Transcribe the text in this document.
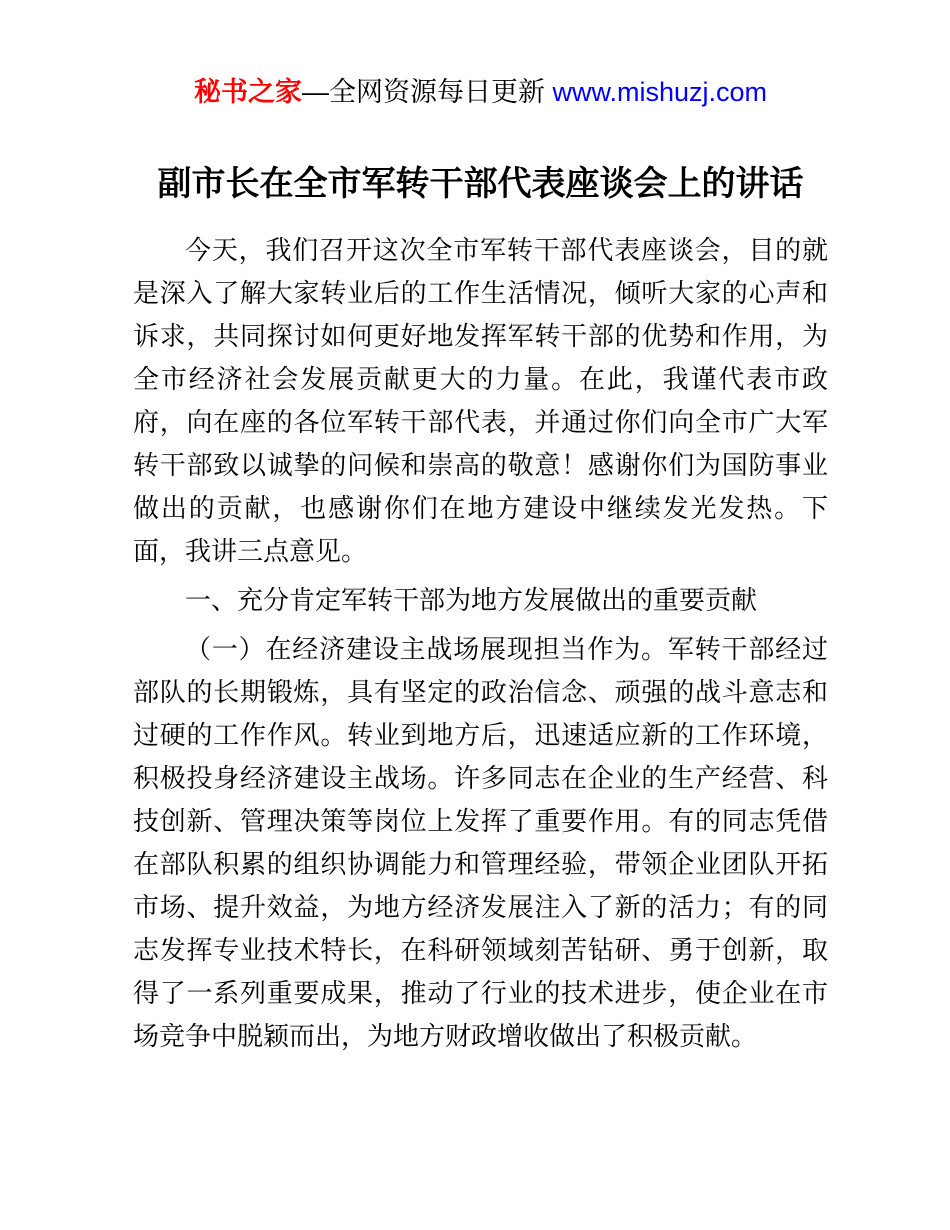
秘书之家—全网资源每日更新 www.mishuzj.com
副市长在全市军转干部代表座谈会上的讲话

今天，我们召开这次全市军转干部代表座谈会，目的就是深入了解大家转业后的工作生活情况，倾听大家的心声和诉求，共同探讨如何更好地发挥军转干部的优势和作用，为全市经济社会发展贡献更大的力量。在此，我谨代表市政府，向在座的各位军转干部代表，并通过你们向全市广大军转干部致以诚挚的问候和崇高的敬意！感谢你们为国防事业做出的贡献，也感谢你们在地方建设中继续发光发热。下面，我讲三点意见。

一、充分肯定军转干部为地方发展做出的重要贡献

（一）在经济建设主战场展现担当作为。军转干部经过部队的长期锻炼，具有坚定的政治信念、顽强的战斗意志和过硬的工作作风。转业到地方后，迅速适应新的工作环境，积极投身经济建设主战场。许多同志在企业的生产经营、科技创新、管理决策等岗位上发挥了重要作用。有的同志凭借在部队积累的组织协调能力和管理经验，带领企业团队开拓市场、提升效益，为地方经济发展注入了新的活力；有的同志发挥专业技术特长，在科研领域刻苦钻研、勇于创新，取得了一系列重要成果，推动了行业的技术进步，使企业在市场竞争中脱颖而出，为地方财政增收做出了积极贡献。
